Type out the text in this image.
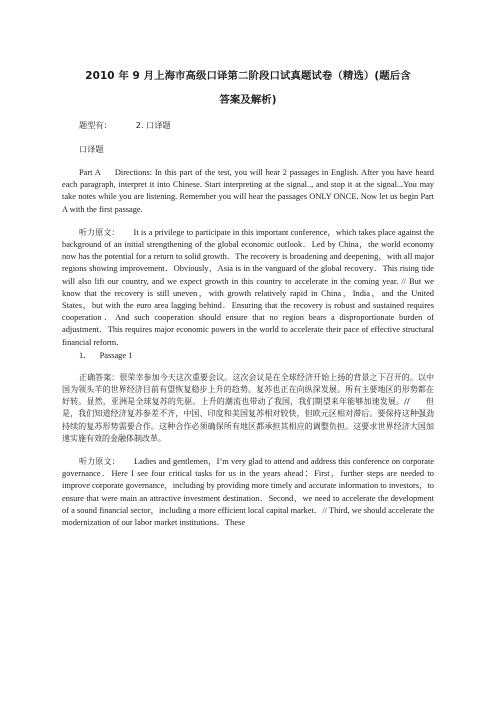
2010 年 9 月上海市高级口译第二阶段口试真题试卷（精选）(题后含
答案及解析)
题型有：	2. 口译题
口译题

Part A Directions: In this part of the test, you will hear 2 passages in English. After you have heard each paragraph, interpret it into Chinese. Start interpreting at the signal.., and stop it at the signal...You may take notes while you are listening. Remember you will hear the passages ONLY ONCE. Now let us begin Part A with the first passage.

听力原文： It is a privilege to participate in this important conference，which takes place against the background of an initial strengthening of the global economic outlook．Led by China，the world economy now has the potential for a return to solid growth．The recovery is broadening and deepening，with all major regions showing improvement．Obviously，Asia is in the vanguard of the global recovery．This rising tide will also lift our country, and we expect growth in this country to accelerate in the coming year. // But we know that the recovery is still uneven，with growth relatively rapid in China，India，and the United States，but with the euro area lagging behind．Ensuring that the recovery is robust and sustained requires cooperation．And such cooperation should ensure that no region bears a disproportionate burden of adjustment．This requires major economic powers in the world to accelerate their pace of effective structural financial reform．

1． Passage 1

正确答案：很荣幸参加今天这次重要会议。这次会议是在全球经济开始上扬的背景之下召开的。以中国为领头羊的世界经济目前有望恢复稳步上升的趋势。复苏也正在向纵深发展。所有主要地区的形势都在好转。显然，亚洲是全球复苏的先驱。上升的潮流也带动了我国，我们期望来年能够加速发展。//　　但是，我们知道经济复苏参差不齐，中国、印度和美国复苏相对较快，但欧元区相对滞后。要保持这种强劲持续的复苏形势需要合作。这种合作必须确保所有地区都承担其相应的调整负担。这要求世界经济大国加速实施有效的金融体制改革。

听力原文： Ladies and gentlemen，I’m very glad to attend and address this conference on corporate governance．Here I see four critical tasks for us in the years ahead：First，further steps are needed to improve corporate governance，including by providing more timely and accurate information to investors，to ensure that were main an attractive investment destination．Second，we need to accelerate the development of a sound financial sector，including a more efficient local capital market．// Third, we should accelerate the modernization of our labor market institutions．These
